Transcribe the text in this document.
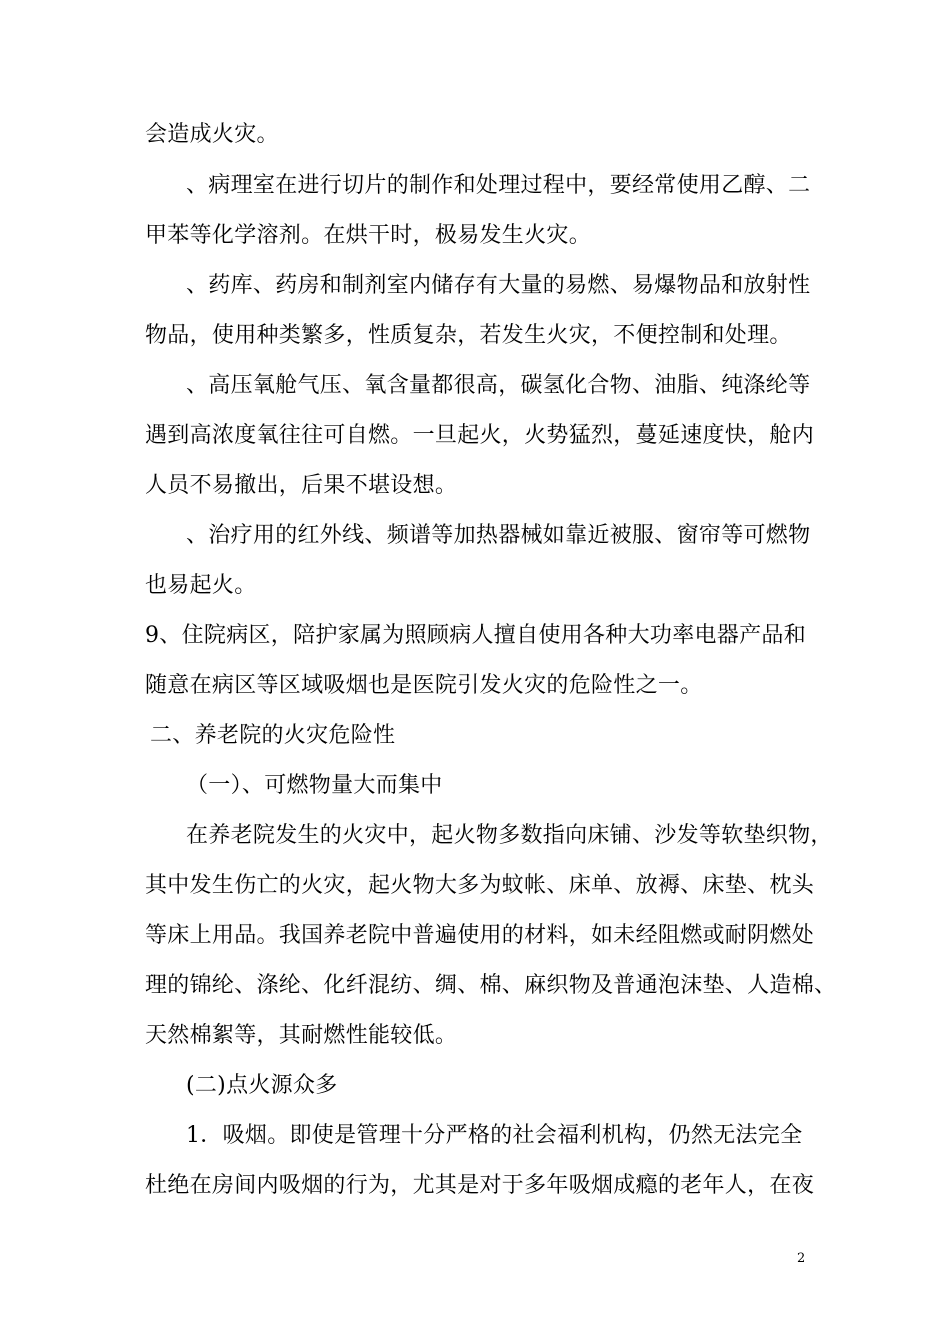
会造成火灾。
、病理室在进行切片的制作和处理过程中，要经常使用乙醇、二
甲苯等化学溶剂。在烘干时，极易发生火灾。
、药库、药房和制剂室内储存有大量的易燃、易爆物品和放射性
物品，使用种类繁多，性质复杂，若发生火灾，不便控制和处理。
、高压氧舱气压、氧含量都很高，碳氢化合物、油脂、纯涤纶等
遇到高浓度氧往往可自燃。一旦起火，火势猛烈，蔓延速度快，舱内
人员不易撤出，后果不堪设想。
、治疗用的红外线、频谱等加热器械如靠近被服、窗帘等可燃物
也易起火。
9、住院病区，陪护家属为照顾病人擅自使用各种大功率电器产品和
随意在病区等区域吸烟也是医院引发火灾的危险性之一。
二、养老院的火灾危险性
（一）、可燃物量大而集中
在养老院发生的火灾中，起火物多数指向床铺、沙发等软垫织物，
其中发生伤亡的火灾，起火物大多为蚊帐、床单、放褥、床垫、枕头
等床上用品。我国养老院中普遍使用的材料，如未经阻燃或耐阴燃处
理的锦纶、涤纶、化纤混纺、绸、棉、麻织物及普通泡沫垫、人造棉、
天然棉絮等，其耐燃性能较低。
(二)点火源众多
1．吸烟。即使是管理十分严格的社会福利机构，仍然无法完全
杜绝在房间内吸烟的行为，尤其是对于多年吸烟成瘾的老年人，在夜
2
